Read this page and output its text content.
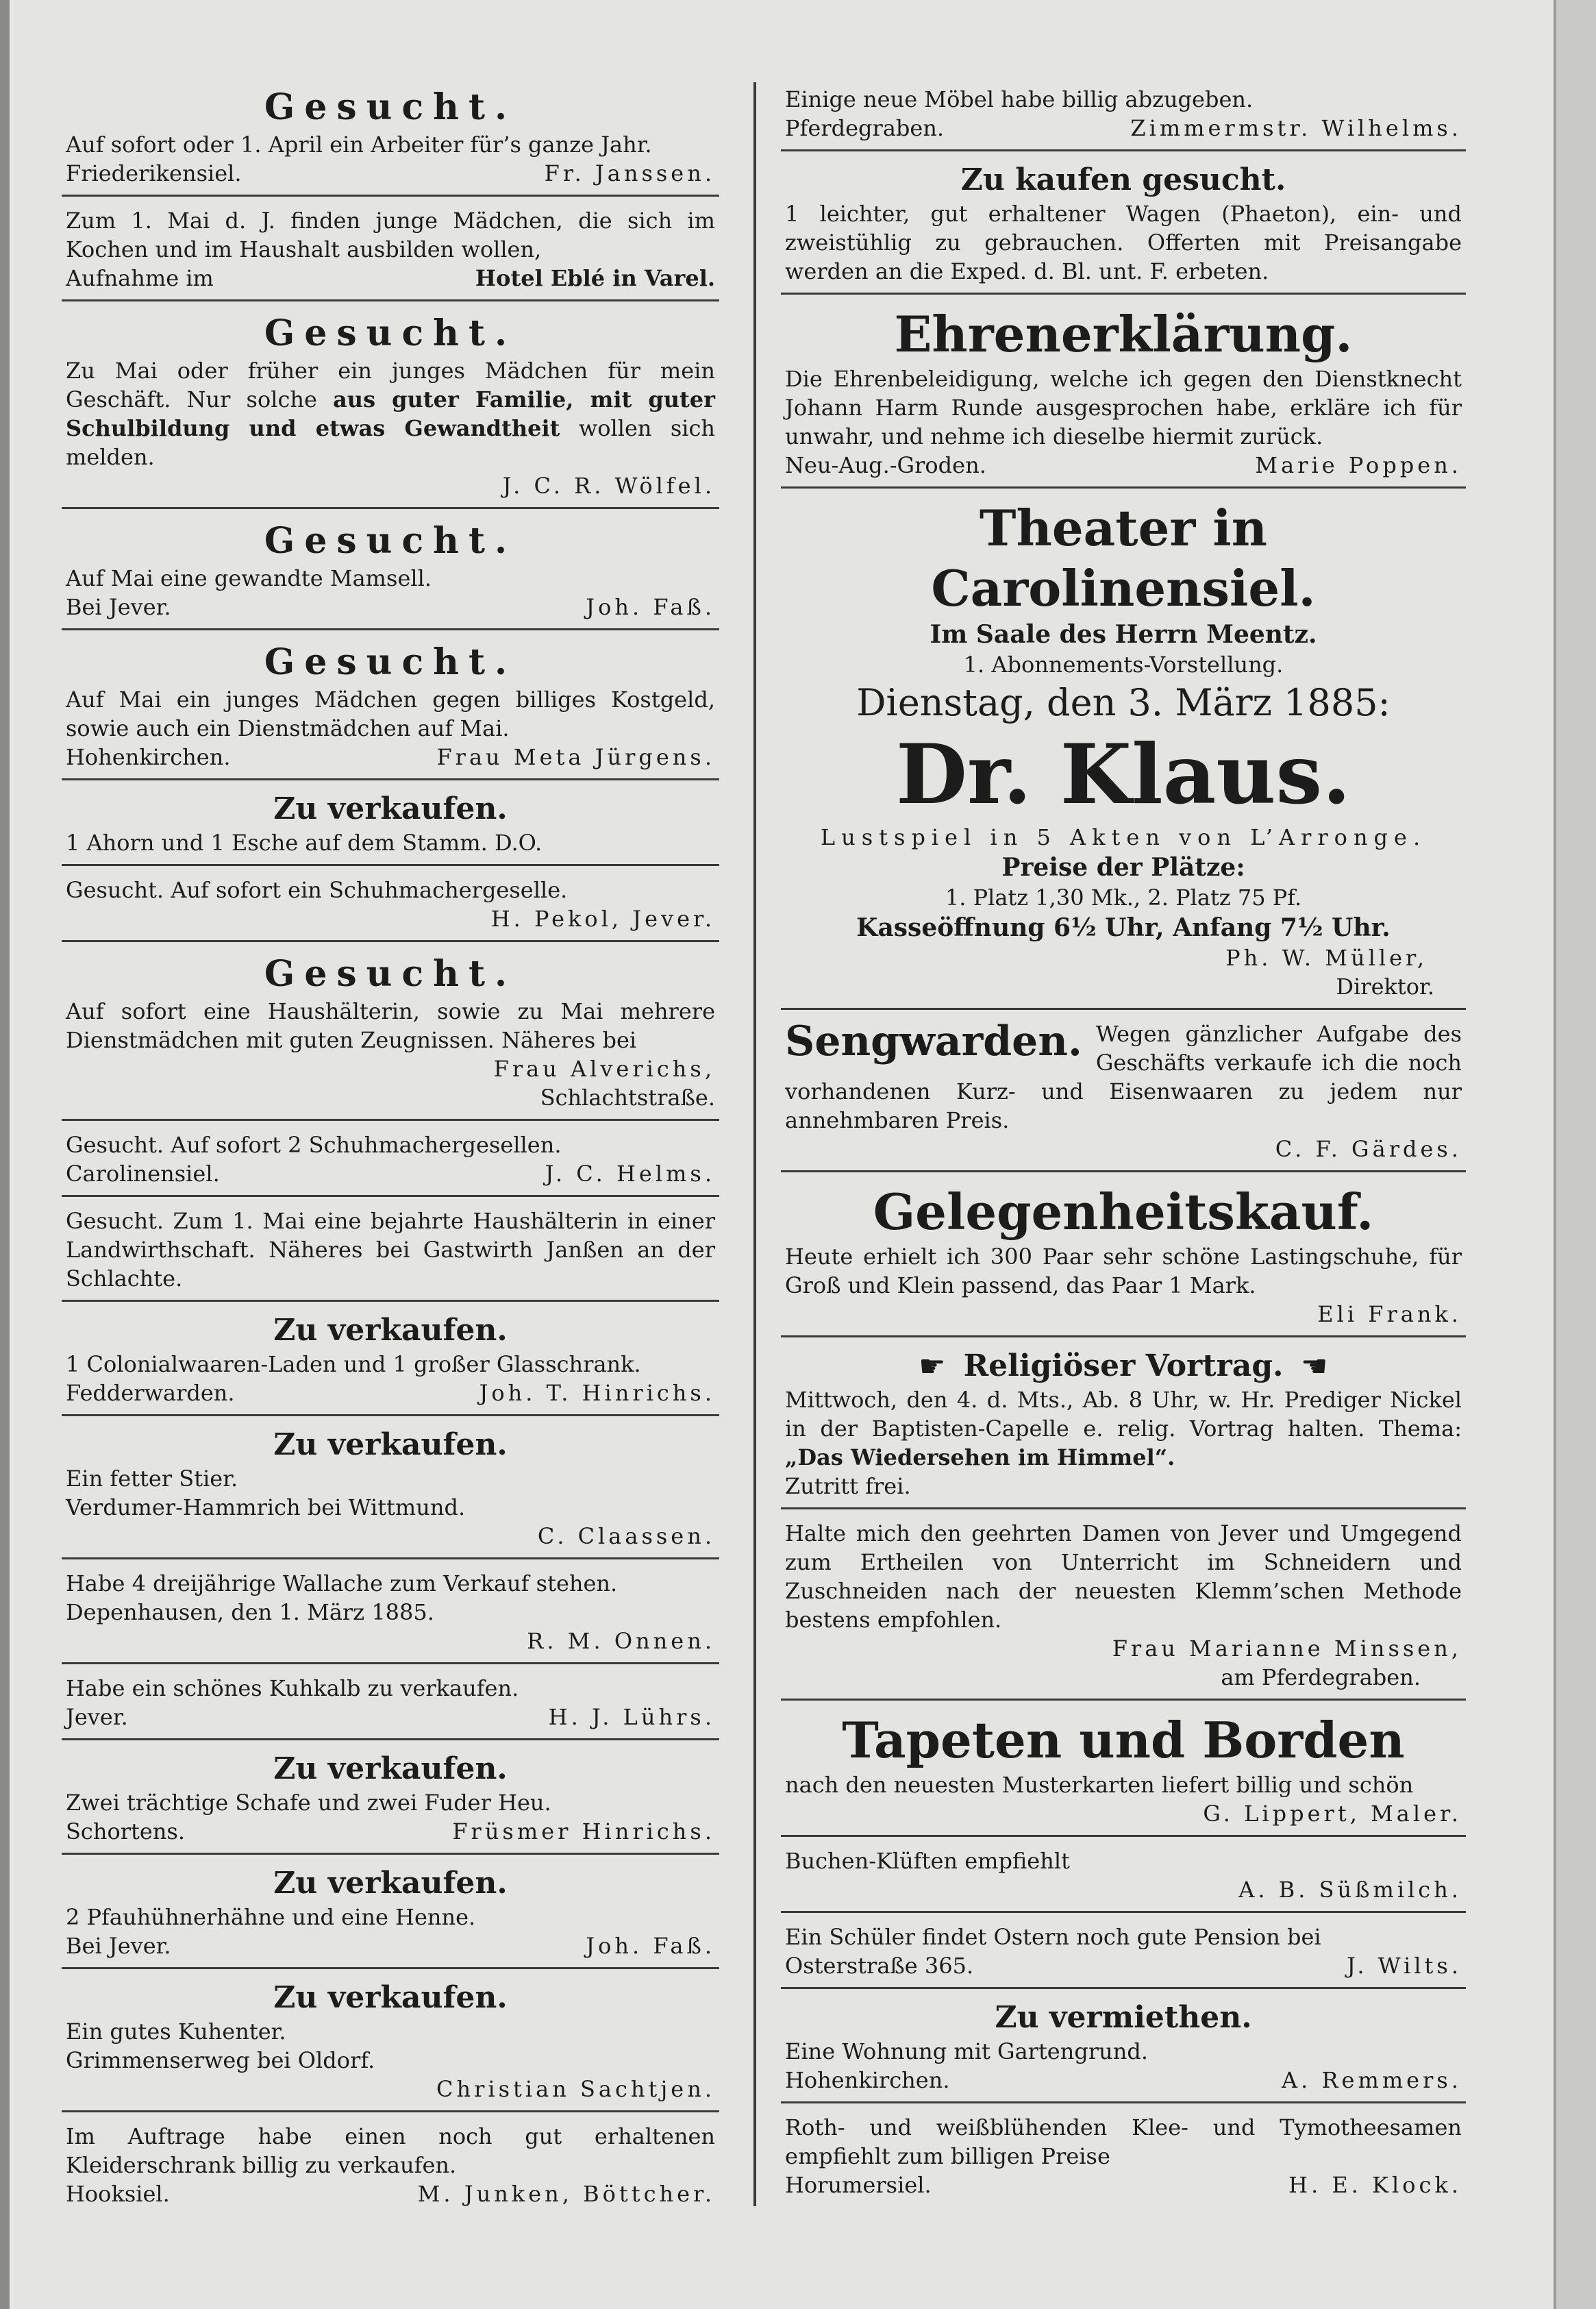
Gesucht.

Auf sofort oder 1. April ein Arbeiter für’s ganze Jahr.

Friederikensiel.	Fr. Janssen.

Zum 1. Mai d. J. finden junge Mädchen, die sich im Kochen und im Haushalt ausbilden wollen,

Aufnahme im	Hotel Eblé in Varel.
Gesucht.

Zu Mai oder früher ein junges Mädchen für mein Geschäft. Nur solche aus guter Familie, mit guter Schulbildung und etwas Gewandtheit wollen sich melden.

J. C. R. Wölfel.
Gesucht.

Auf Mai eine gewandte Mamsell.

Bei Jever.	Joh. Faß.
Gesucht.

Auf Mai ein junges Mädchen gegen billiges Kostgeld, sowie auch ein Dienstmädchen auf Mai.

Hohenkirchen.	Frau Meta Jürgens.
Zu verkaufen.

1 Ahorn und 1 Esche auf dem Stamm. D.O.

Gesucht. Auf sofort ein Schuhmachergeselle.

H. Pekol, Jever.
Gesucht.

Auf sofort eine Haushälterin, sowie zu Mai mehrere Dienstmädchen mit guten Zeugnissen. Näheres bei

Frau Alverichs,
Schlachtstraße.

Gesucht. Auf sofort 2 Schuhmachergesellen.

Carolinensiel.	J. C. Helms.

Gesucht. Zum 1. Mai eine bejahrte Haushälterin in einer Landwirthschaft. Näheres bei Gastwirth Janßen an der Schlachte.

Zu verkaufen.

1 Colonialwaaren-Laden und 1 großer Glasschrank.

Fedderwarden.	Joh. T. Hinrichs.
Zu verkaufen.

Ein fetter Stier.

Verdumer-Hammrich bei Wittmund.

C. Claassen.

Habe 4 dreijährige Wallache zum Verkauf stehen.

Depenhausen, den 1. März 1885.

R. M. Onnen.

Habe ein schönes Kuhkalb zu verkaufen.

Jever.	H. J. Lührs.
Zu verkaufen.

Zwei trächtige Schafe und zwei Fuder Heu.

Schortens.	Früsmer Hinrichs.
Zu verkaufen.

2 Pfauhühnerhähne und eine Henne.

Bei Jever.	Joh. Faß.
Zu verkaufen.

Ein gutes Kuhenter.

Grimmenserweg bei Oldorf.

Christian Sachtjen.

Im Auftrage habe einen noch gut erhaltenen Kleiderschrank billig zu verkaufen.

Hooksiel.	M. Junken, Böttcher.

Einige neue Möbel habe billig abzugeben.

Pferdegraben.	Zimmermstr. Wilhelms.
Zu kaufen gesucht.

1 leichter, gut erhaltener Wagen (Phaeton), ein- und zweistühlig zu gebrauchen. Offerten mit Preisangabe werden an die Exped. d. Bl. unt. F. erbeten.

Ehrenerklärung.

Die Ehrenbeleidigung, welche ich gegen den Dienstknecht Johann Harm Runde ausgesprochen habe, erkläre ich für unwahr, und nehme ich dieselbe hiermit zurück.

Neu-Aug.-Groden.	Marie Poppen.
Theater in Carolinensiel.
Im Saale des Herrn Meentz.
1. Abonnements-Vorstellung.
Dienstag, den 3. März 1885:
Dr. Klaus.
Lustspiel in 5 Akten von L’Arronge.
Preise der Plätze:
1. Platz 1,30 Mk., 2. Platz 75 Pf.
Kasseöffnung 6½ Uhr, Anfang 7½ Uhr.
Ph. W. Müller,
Direktor.
Sengwarden. Wegen gänzlicher Aufgabe des Geschäfts verkaufe ich die noch vorhandenen Kurz- und Eisenwaaren zu jedem nur annehmbaren Preis.

C. F. Gärdes.
Gelegenheitskauf.

Heute erhielt ich 300 Paar sehr schöne Lastingschuhe, für Groß und Klein passend, das Paar 1 Mark.

Eli Frank.
☛ Religiöser Vortrag. ☛

Mittwoch, den 4. d. Mts., Ab. 8 Uhr, w. Hr. Prediger Nickel in der Baptisten-Capelle e. relig. Vortrag halten. Thema: „Das Wiedersehen im Himmel“.

Zutritt frei.

Halte mich den geehrten Damen von Jever und Umgegend zum Ertheilen von Unterricht im Schneidern und Zuschneiden nach der neuesten Klemm’schen Methode bestens empfohlen.

Frau Marianne Minssen,
am Pferdegraben.
Tapeten und Borden

nach den neuesten Musterkarten liefert billig und schön

G. Lippert, Maler.

Buchen-Klüften empfiehlt

A. B. Süßmilch.

Ein Schüler findet Ostern noch gute Pension bei

Osterstraße 365.	J. Wilts.
Zu vermiethen.

Eine Wohnung mit Gartengrund.

Hohenkirchen.	A. Remmers.

Roth- und weißblühenden Klee- und Tymotheesamen empfiehlt zum billigen Preise

Horumersiel.	H. E. Klock.
